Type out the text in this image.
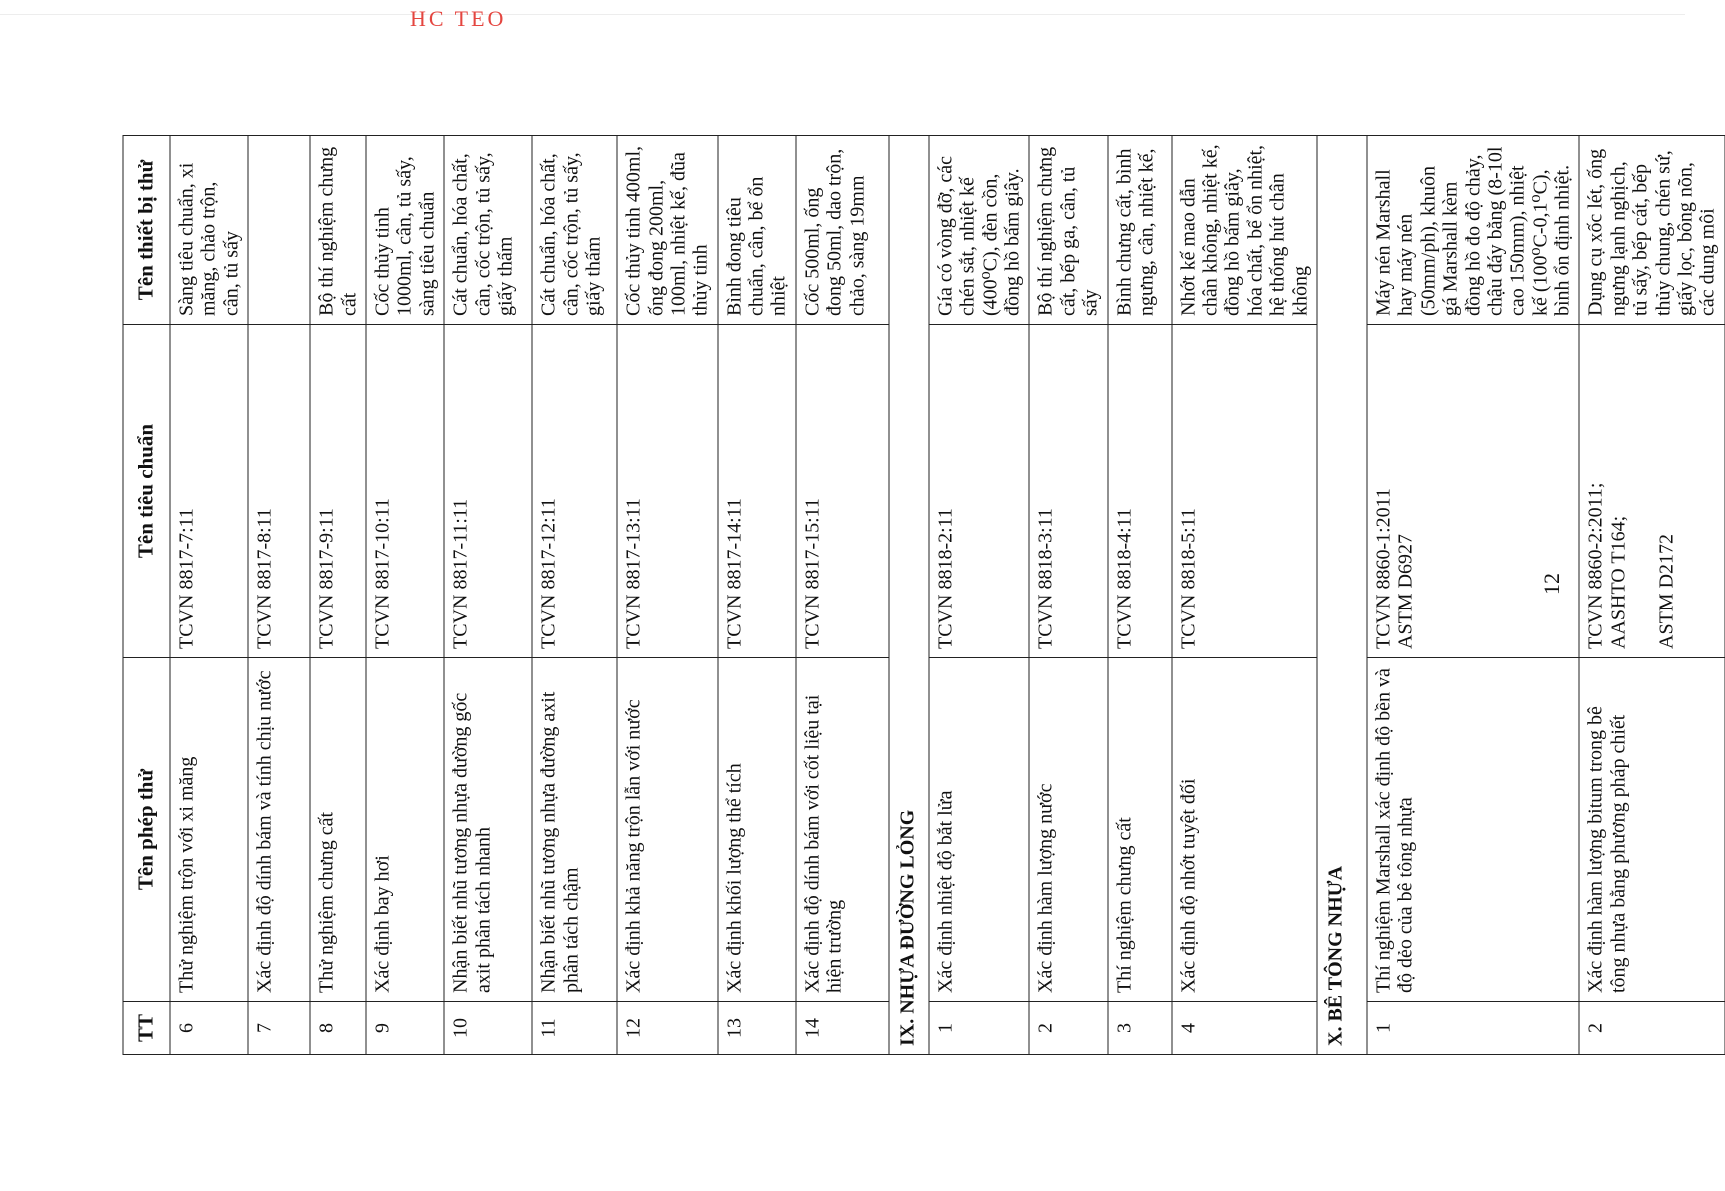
HC TEO
TT	Tên phép thử	Tên tiêu chuẩn	Tên thiết bị thử
6	Thử nghiệm trộn với xi măng	TCVN 8817-7:11	Sàng tiêu chuẩn, xi măng, chảo trộn, cân, tủ sấy
7	Xác định độ dính bám và tính chịu nước	TCVN 8817-8:11	
8	Thử nghiệm chưng cất	TCVN 8817-9:11	Bộ thí nghiệm chưng cất
9	Xác định bay hơi	TCVN 8817-10:11	Cốc thủy tinh 1000ml, cân, tủ sấy, sàng tiêu chuẩn
10	Nhận biết nhũ tương nhựa đường gốc axit phân tách nhanh	TCVN 8817-11:11	Cát chuẩn, hóa chất, cân, cốc trộn, tủ sấy, giấy thấm
11	Nhận biết nhũ tương nhựa đường axit phân tách chậm	TCVN 8817-12:11	Cát chuẩn, hóa chất, cân, cốc trộn, tủ sấy, giấy thấm
12	Xác định khả năng trộn lẫn với nước	TCVN 8817-13:11	Cốc thủy tinh 400ml, ống đong 200ml, 100ml, nhiệt kế, đũa thủy tinh
13	Xác định khối lượng thể tích	TCVN 8817-14:11	Bình đong tiêu chuẩn, cân, bể ổn nhiệt
14	Xác định độ dính bám với cốt liệu tại hiện trường	TCVN 8817-15:11	Cốc 500ml, ống đong 50ml, dao trộn, chảo, sàng 19mm
IX. NHỰA ĐƯỜNG LỎNG			
1	Xác định nhiệt độ bắt lửa	TCVN 8818-2:11	Gía có vòng đỡ, các chén sắt, nhiệt kế (400⁰C), đèn cồn, đồng hồ bấm giây.
2	Xác định hàm lượng nước	TCVN 8818-3:11	Bộ thí nghiệm chưng cất, bếp ga, cân, tủ sấy
3	Thí nghiệm chưng cất	TCVN 8818-4:11	Bình chưng cất, bình ngưng, cân, nhiệt kế,
4	Xác định độ nhớt tuyệt đối	TCVN 8818-5:11	Nhớt kế mao dẫn chân không, nhiệt kế, đồng hồ bấm giây, hóa chất, bể ổn nhiệt, hệ thống hút chân không
X. BÊ TÔNG NHỰA			
1	Thí nghiệm Marshall xác định độ bền và độ dẻo của bê tông nhựa	TCVN 8860-1:2011 ASTM D6927	Máy nén Marshall hay máy nén (50mm/ph), khuôn gá Marshall kèm đồng hồ đo độ chảy, chậu đáy bằng (8-10l cao 150mm), nhiệt kế (100⁰C-0,1⁰C), bình ổn định nhiệt.
2	Xác định hàm lượng bitum trong bê tông nhựa bằng phương pháp chiết	TCVN 8860-2:2011; AASHTO T164; ASTM D2172	Dụng cụ xốc lét, ống ngưng lạnh nghịch, tủ sấy, bếp cát, bếp thủy chung, chén sứ, giấy lọc, bông nõn, các dung môi
12
